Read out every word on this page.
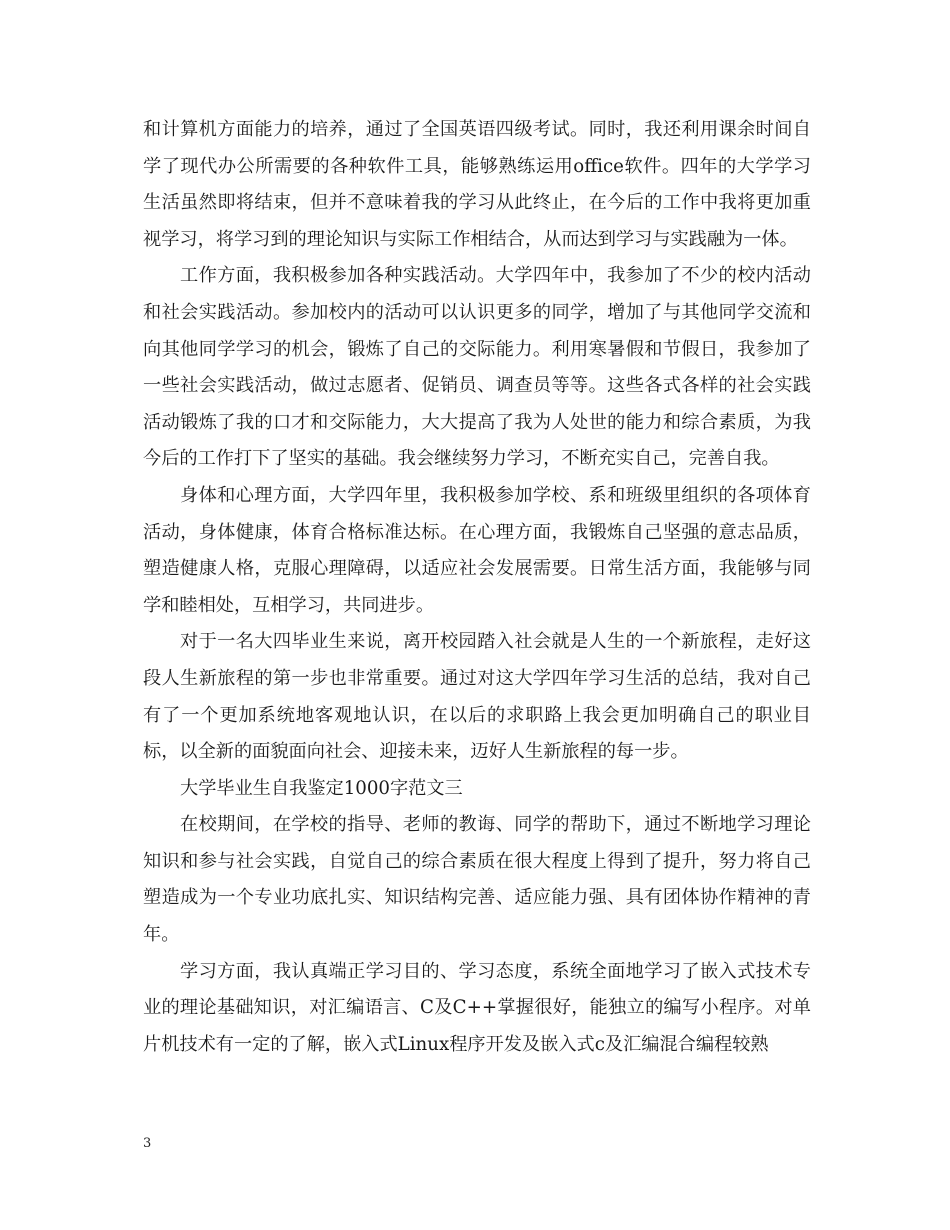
和计算机方面能力的培养，通过了全国英语四级考试。同时，我还利用课余时间自学了现代办公所需要的各种软件工具，能够熟练运用office软件。四年的大学学习生活虽然即将结束，但并不意味着我的学习从此终止，在今后的工作中我将更加重视学习，将学习到的理论知识与实际工作相结合，从而达到学习与实践融为一体。

工作方面，我积极参加各种实践活动。大学四年中，我参加了不少的校内活动和社会实践活动。参加校内的活动可以认识更多的同学，增加了与其他同学交流和向其他同学学习的机会，锻炼了自己的交际能力。利用寒暑假和节假日，我参加了一些社会实践活动，做过志愿者、促销员、调查员等等。这些各式各样的社会实践活动锻炼了我的口才和交际能力，大大提高了我为人处世的能力和综合素质，为我今后的工作打下了坚实的基础。我会继续努力学习，不断充实自己，完善自我。

身体和心理方面，大学四年里，我积极参加学校、系和班级里组织的各项体育活动，身体健康，体育合格标准达标。在心理方面，我锻炼自己坚强的意志品质，塑造健康人格，克服心理障碍，以适应社会发展需要。日常生活方面，我能够与同学和睦相处，互相学习，共同进步。

对于一名大四毕业生来说，离开校园踏入社会就是人生的一个新旅程，走好这段人生新旅程的第一步也非常重要。通过对这大学四年学习生活的总结，我对自己有了一个更加系统地客观地认识，在以后的求职路上我会更加明确自己的职业目标，以全新的面貌面向社会、迎接未来，迈好人生新旅程的每一步。

大学毕业生自我鉴定1000字范文三

在校期间，在学校的指导、老师的教诲、同学的帮助下，通过不断地学习理论知识和参与社会实践，自觉自己的综合素质在很大程度上得到了提升，努力将自己塑造成为一个专业功底扎实、知识结构完善、适应能力强、具有团体协作精神的青年。

学习方面，我认真端正学习目的、学习态度，系统全面地学习了嵌入式技术专业的理论基础知识，对汇编语言、C及C++掌握很好，能独立的编写小程序。对单片机技术有一定的了解，嵌入式Linux程序开发及嵌入式c及汇编混合编程较熟

3
